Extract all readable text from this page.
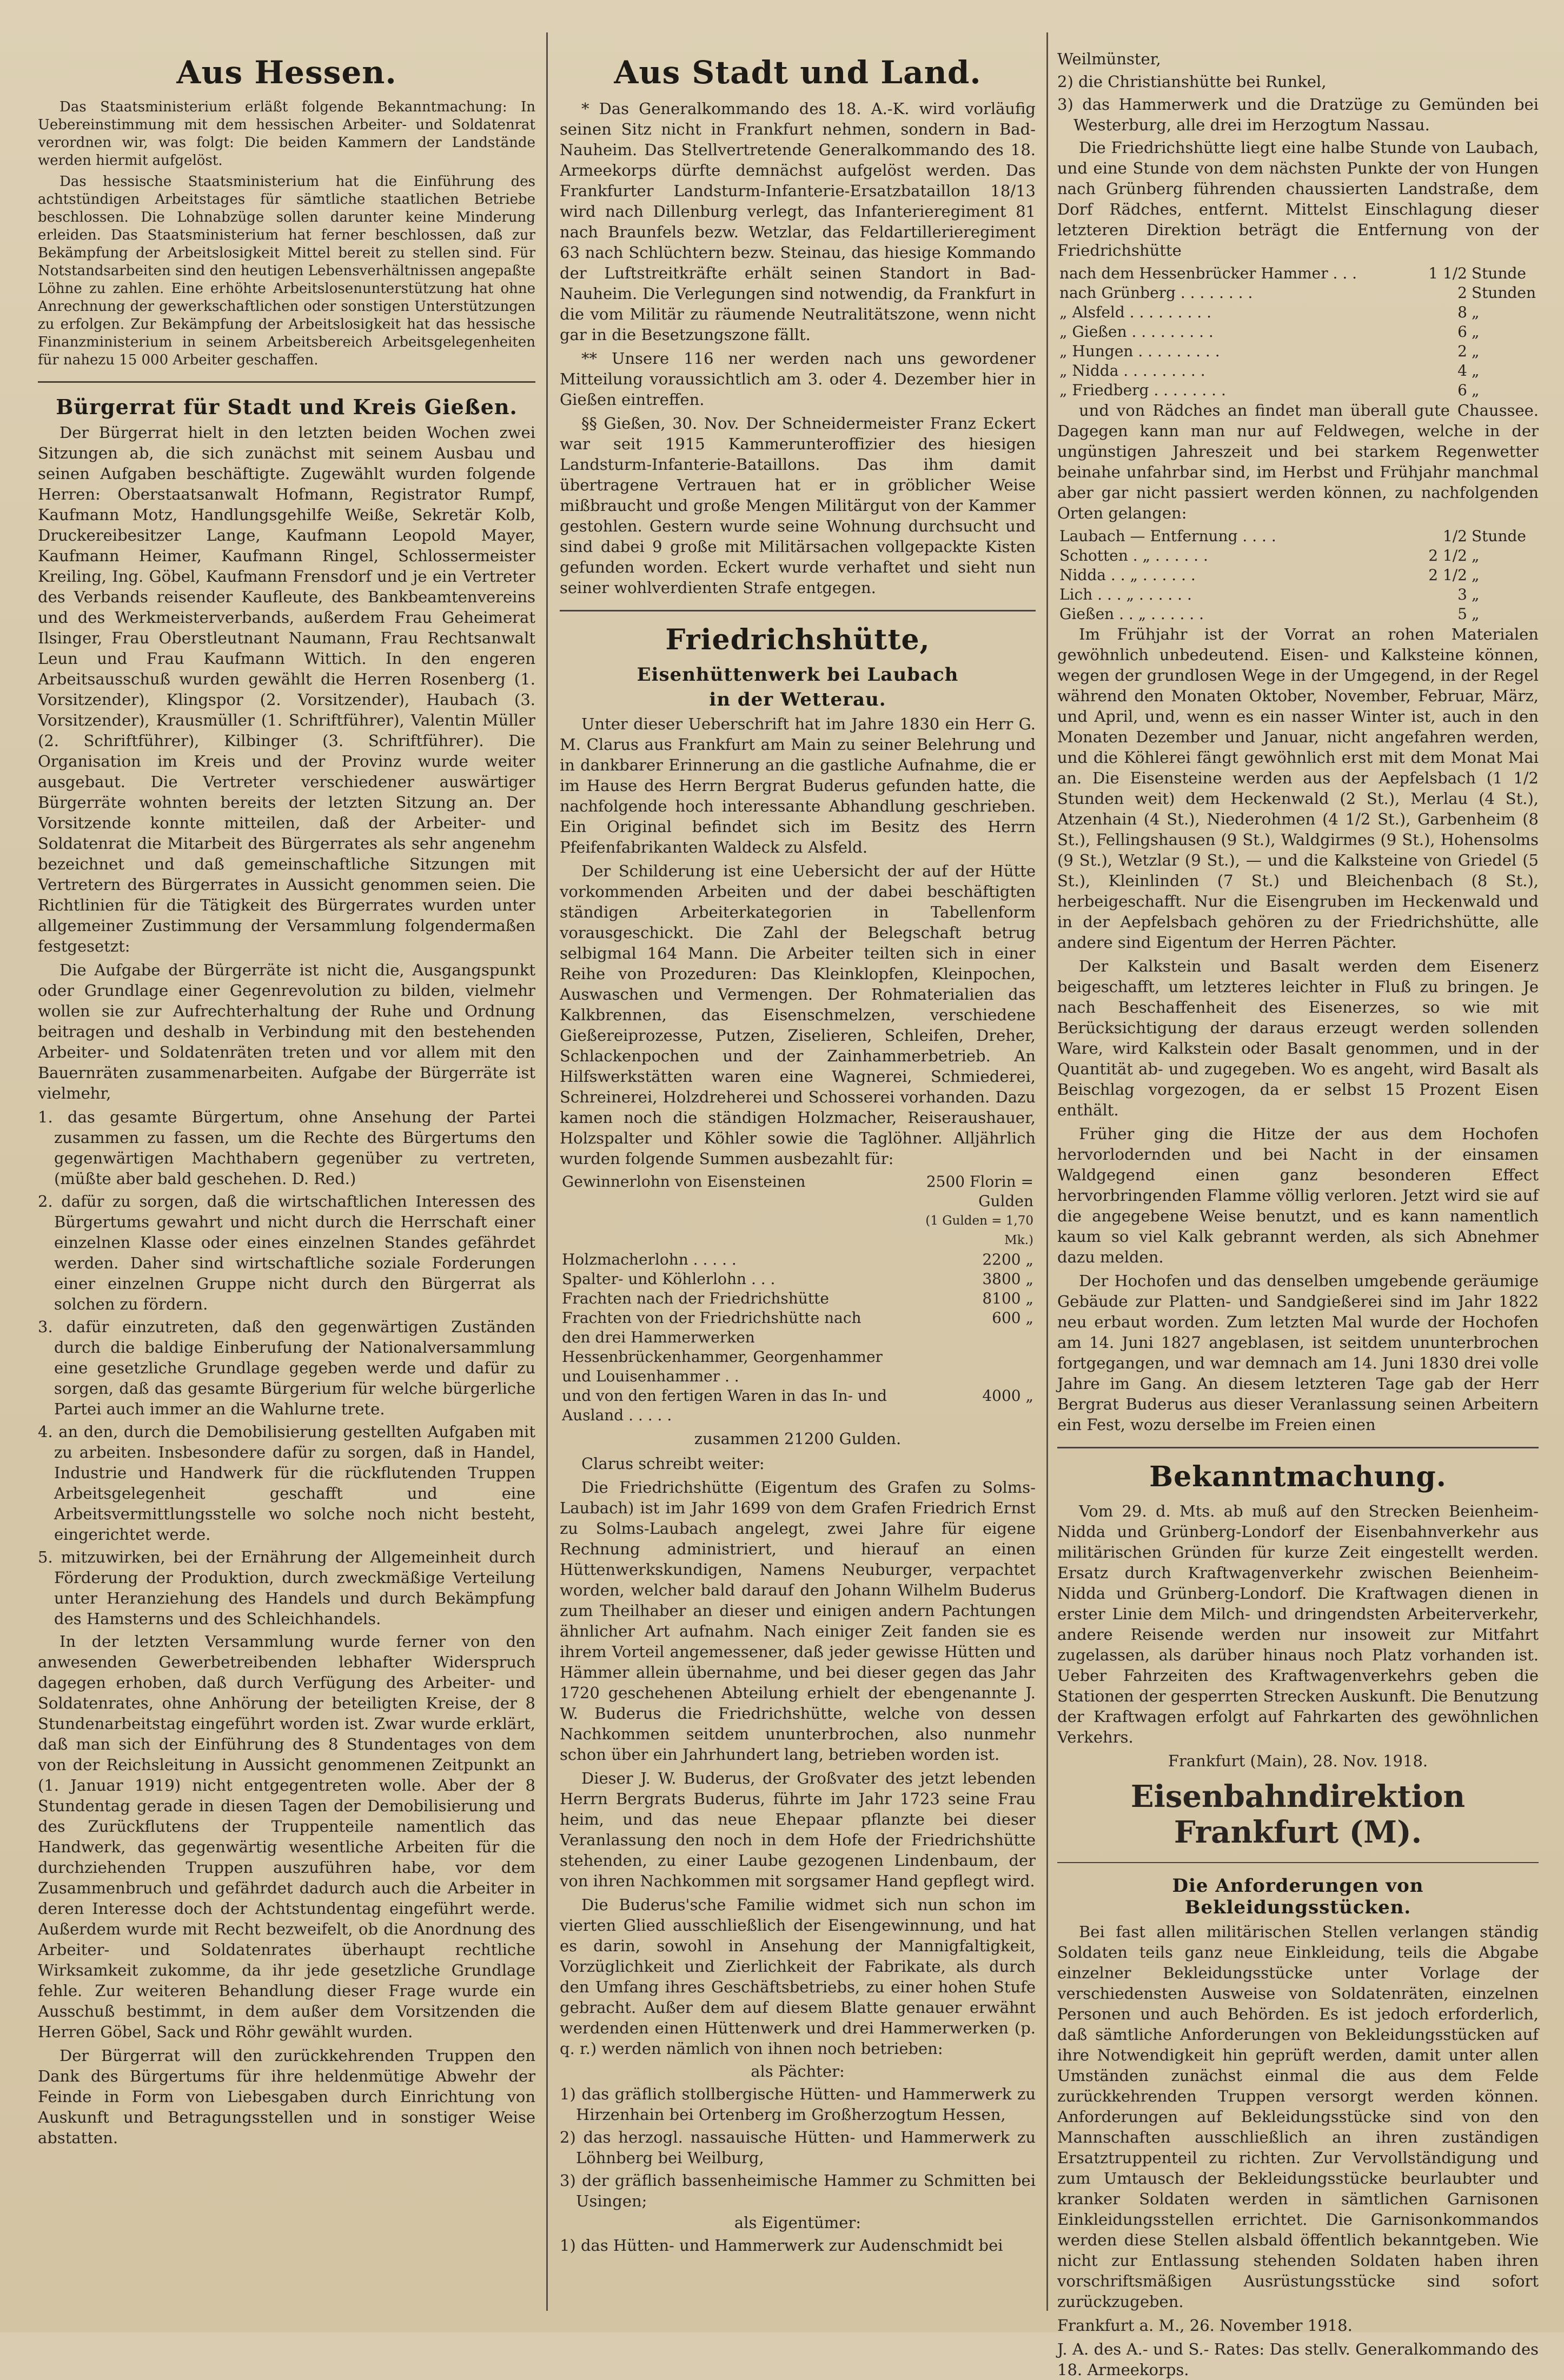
Aus Hessen.

Das Staatsministerium erläßt folgende Bekanntmachung: In Uebereinstimmung mit dem hessischen Arbeiter- und Soldatenrat verordnen wir, was folgt: Die beiden Kammern der Landstände werden hiermit aufgelöst.

Das hessische Staatsministerium hat die Einführung des achtstündigen Arbeitstages für sämtliche staatlichen Betriebe beschlossen. Die Lohnabzüge sollen darunter keine Minderung erleiden. Das Staatsministerium hat ferner beschlossen, daß zur Bekämpfung der Arbeitslosigkeit Mittel bereit zu stellen sind. Für Notstandsarbeiten sind den heutigen Lebensverhältnissen angepaßte Löhne zu zahlen. Eine erhöhte Arbeitslosenunterstützung hat ohne Anrechnung der gewerkschaftlichen oder sonstigen Unterstützungen zu erfolgen. Zur Bekämpfung der Arbeitslosigkeit hat das hessische Finanzministerium in seinem Arbeitsbereich Arbeitsgelegenheiten für nahezu 15 000 Arbeiter geschaffen.

Bürgerrat für Stadt und Kreis Gießen.

Der Bürgerrat hielt in den letzten beiden Wochen zwei Sitzungen ab, die sich zunächst mit seinem Ausbau und seinen Aufgaben beschäftigte. Zugewählt wurden folgende Herren: Oberstaatsanwalt Hofmann, Registrator Rumpf, Kaufmann Motz, Handlungsgehilfe Weiße, Sekretär Kolb, Druckereibesitzer Lange, Kaufmann Leopold Mayer, Kaufmann Heimer, Kaufmann Ringel, Schlossermeister Kreiling, Ing. Göbel, Kaufmann Frensdorf und je ein Vertreter des Verbands reisender Kaufleute, des Bankbeamtenvereins und des Werkmeisterverbands, außerdem Frau Geheimerat Ilsinger, Frau Oberstleutnant Naumann, Frau Rechtsanwalt Leun und Frau Kaufmann Wittich. In den engeren Arbeitsausschuß wurden gewählt die Herren Rosenberg (1. Vorsitzender), Klingspor (2. Vorsitzender), Haubach (3. Vorsitzender), Krausmüller (1. Schriftführer), Valentin Müller (2. Schriftführer), Kilbinger (3. Schriftführer). Die Organisation im Kreis und der Provinz wurde weiter ausgebaut. Die Vertreter verschiedener auswärtiger Bürgerräte wohnten bereits der letzten Sitzung an. Der Vorsitzende konnte mitteilen, daß der Arbeiter- und Soldatenrat die Mitarbeit des Bürgerrates als sehr angenehm bezeichnet und daß gemeinschaftliche Sitzungen mit Vertretern des Bürgerrates in Aussicht genommen seien. Die Richtlinien für die Tätigkeit des Bürgerrates wurden unter allgemeiner Zustimmung der Versammlung folgendermaßen festgesetzt:

Die Aufgabe der Bürgerräte ist nicht die, Ausgangspunkt oder Grundlage einer Gegenrevolution zu bilden, vielmehr wollen sie zur Aufrechterhaltung der Ruhe und Ordnung beitragen und deshalb in Verbindung mit den bestehenden Arbeiter- und Soldatenräten treten und vor allem mit den Bauernräten zusammenarbeiten. Aufgabe der Bürgerräte ist vielmehr,

1. das gesamte Bürgertum, ohne Ansehung der Partei zusammen zu fassen, um die Rechte des Bürgertums den gegenwärtigen Machthabern gegenüber zu vertreten, (müßte aber bald geschehen. D. Red.)
2. dafür zu sorgen, daß die wirtschaftlichen Interessen des Bürgertums gewahrt und nicht durch die Herrschaft einer einzelnen Klasse oder eines einzelnen Standes gefährdet werden. Daher sind wirtschaftliche soziale Forderungen einer einzelnen Gruppe nicht durch den Bürgerrat als solchen zu fördern.
3. dafür einzutreten, daß den gegenwärtigen Zuständen durch die baldige Einberufung der Nationalversammlung eine gesetzliche Grundlage gegeben werde und dafür zu sorgen, daß das gesamte Bürgerium für welche bürgerliche Partei auch immer an die Wahlurne trete.
4. an den, durch die Demobilisierung gestellten Aufgaben mit zu arbeiten. Insbesondere dafür zu sorgen, daß in Handel, Industrie und Handwerk für die rückflutenden Truppen Arbeitsgelegenheit geschafft und eine Arbeitsvermittlungsstelle wo solche noch nicht besteht, eingerichtet werde.
5. mitzuwirken, bei der Ernährung der Allgemeinheit durch Förderung der Produktion, durch zweckmäßige Verteilung unter Heranziehung des Handels und durch Bekämpfung des Hamsterns und des Schleichhandels.

In der letzten Versammlung wurde ferner von den anwesenden Gewerbetreibenden lebhafter Widerspruch dagegen erhoben, daß durch Verfügung des Arbeiter- und Soldatenrates, ohne Anhörung der beteiligten Kreise, der 8 Stundenarbeitstag eingeführt worden ist. Zwar wurde erklärt, daß man sich der Einführung des 8 Stundentages von dem von der Reichsleitung in Aussicht genommenen Zeitpunkt an (1. Januar 1919) nicht entgegentreten wolle. Aber der 8 Stundentag gerade in diesen Tagen der Demobilisierung und des Zurückflutens der Truppenteile namentlich das Handwerk, das gegenwärtig wesentliche Arbeiten für die durchziehenden Truppen auszuführen habe, vor dem Zusammenbruch und gefährdet dadurch auch die Arbeiter in deren Interesse doch der Achtstundentag eingeführt werde. Außerdem wurde mit Recht bezweifelt, ob die Anordnung des Arbeiter- und Soldatenrates überhaupt rechtliche Wirksamkeit zukomme, da ihr jede gesetzliche Grundlage fehle. Zur weiteren Behandlung dieser Frage wurde ein Ausschuß bestimmt, in dem außer dem Vorsitzenden die Herren Göbel, Sack und Röhr gewählt wurden.

Der Bürgerrat will den zurückkehrenden Truppen den Dank des Bürgertums für ihre heldenmütige Abwehr der Feinde in Form von Liebesgaben durch Einrichtung von Auskunft und Betragungsstellen und in sonstiger Weise abstatten.

Aus Stadt und Land.

* Das Generalkommando des 18. A.-K. wird vorläufig seinen Sitz nicht in Frankfurt nehmen, sondern in Bad-Nauheim. Das Stellvertretende Generalkommando des 18. Armeekorps dürfte demnächst aufgelöst werden. Das Frankfurter Landsturm-Infanterie-Ersatzbataillon 18/13 wird nach Dillenburg verlegt, das Infanterieregiment 81 nach Braunfels bezw. Wetzlar, das Feldartillerieregiment 63 nach Schlüchtern bezw. Steinau, das hiesige Kommando der Luftstreitkräfte erhält seinen Standort in Bad-Nauheim. Die Verlegungen sind notwendig, da Frankfurt in die vom Militär zu räumende Neutralitätszone, wenn nicht gar in die Besetzungszone fällt.

** Unsere 116 ner werden nach uns gewordener Mitteilung voraussichtlich am 3. oder 4. Dezember hier in Gießen eintreffen.

§§ Gießen, 30. Nov. Der Schneidermeister Franz Eckert war seit 1915 Kammerunteroffizier des hiesigen Landsturm-Infanterie-Bataillons. Das ihm damit übertragene Vertrauen hat er in gröblicher Weise mißbraucht und große Mengen Militärgut von der Kammer gestohlen. Gestern wurde seine Wohnung durchsucht und sind dabei 9 große mit Militärsachen vollgepackte Kisten gefunden worden. Eckert wurde verhaftet und sieht nun seiner wohlverdienten Strafe entgegen.

Friedrichshütte,
Eisenhüttenwerk bei Laubach
in der Wetterau.

Unter dieser Ueberschrift hat im Jahre 1830 ein Herr G. M. Clarus aus Frankfurt am Main zu seiner Belehrung und in dankbarer Erinnerung an die gastliche Aufnahme, die er im Hause des Herrn Bergrat Buderus gefunden hatte, die nachfolgende hoch interessante Abhandlung geschrieben. Ein Original befindet sich im Besitz des Herrn Pfeifenfabrikanten Waldeck zu Alsfeld.

Der Schilderung ist eine Uebersicht der auf der Hütte vorkommenden Arbeiten und der dabei beschäftigten ständigen Arbeiterkategorien in Tabellenform vorausgeschickt. Die Zahl der Belegschaft betrug selbigmal 164 Mann. Die Arbeiter teilten sich in einer Reihe von Prozeduren: Das Kleinklopfen, Kleinpochen, Auswaschen und Vermengen. Der Rohmaterialien das Kalkbrennen, das Eisenschmelzen, verschiedene Gießereiprozesse, Putzen, Ziselieren, Schleifen, Dreher, Schlackenpochen und der Zainhammerbetrieb. An Hilfswerkstätten waren eine Wagnerei, Schmiederei, Schreinerei, Holzdreherei und Schosserei vorhanden. Dazu kamen noch die ständigen Holzmacher, Reiseraushauer, Holzspalter und Köhler sowie die Taglöhner. Alljährlich wurden folgende Summen ausbezahlt für:

Gewinnerlohn von Eisensteinen	2500 Florin = Gulden
	(1 Gulden = 1,70 Mk.)
Holzmacherlohn . . . . .	2200 „
Spalter- und Köhlerlohn . . .	3800 „
Frachten nach der Friedrichshütte	8100 „
Frachten von der Friedrichshütte nach den drei Hammerwerken Hessenbrückenhammer, Georgenhammer und Louisenhammer . .	600 „
und von den fertigen Waren in das In- und Ausland . . . . .	4000 „
zusammen 21200 Gulden.

Clarus schreibt weiter:

Die Friedrichshütte (Eigentum des Grafen zu Solms-Laubach) ist im Jahr 1699 von dem Grafen Friedrich Ernst zu Solms-Laubach angelegt, zwei Jahre für eigene Rechnung administriert, und hierauf an einen Hüttenwerkskundigen, Namens Neuburger, verpachtet worden, welcher bald darauf den Johann Wilhelm Buderus zum Theilhaber an dieser und einigen andern Pachtungen ähnlicher Art aufnahm. Nach einiger Zeit fanden sie es ihrem Vorteil angemessener, daß jeder gewisse Hütten und Hämmer allein übernahme, und bei dieser gegen das Jahr 1720 geschehenen Abteilung erhielt der ebengenannte J. W. Buderus die Friedrichshütte, welche von dessen Nachkommen seitdem ununterbrochen, also nunmehr schon über ein Jahrhundert lang, betrieben worden ist.

Dieser J. W. Buderus, der Großvater des jetzt lebenden Herrn Bergrats Buderus, führte im Jahr 1723 seine Frau heim, und das neue Ehepaar pflanzte bei dieser Veranlassung den noch in dem Hofe der Friedrichshütte stehenden, zu einer Laube gezogenen Lindenbaum, der von ihren Nachkommen mit sorgsamer Hand gepflegt wird.

Die Buderus'sche Familie widmet sich nun schon im vierten Glied ausschließlich der Eisengewinnung, und hat es darin, sowohl in Ansehung der Mannigfaltigkeit, Vorzüglichkeit und Zierlichkeit der Fabrikate, als durch den Umfang ihres Geschäftsbetriebs, zu einer hohen Stufe gebracht. Außer dem auf diesem Blatte genauer erwähnt werdenden einen Hüttenwerk und drei Hammerwerken (p. q. r.) werden nämlich von ihnen noch betrieben:

als Pächter:
1) das gräflich stollbergische Hütten- und Hammerwerk zu Hirzenhain bei Ortenberg im Großherzogtum Hessen,
2) das herzogl. nassauische Hütten- und Hammerwerk zu Löhnberg bei Weilburg,
3) der gräflich bassenheimische Hammer zu Schmitten bei Usingen;
als Eigentümer:
1) das Hütten- und Hammerwerk zur Audenschmidt bei
Weilmünster,
2) die Christianshütte bei Runkel,
3) das Hammerwerk und die Dratzüge zu Gemünden bei Westerburg, alle drei im Herzogtum Nassau.

Die Friedrichshütte liegt eine halbe Stunde von Laubach, und eine Stunde von dem nächsten Punkte der von Hungen nach Grünberg führenden chaussierten Landstraße, dem Dorf Rädches, entfernt. Mittelst Einschlagung dieser letzteren Direktion beträgt die Entfernung von der Friedrichshütte

nach dem Hessenbrücker Hammer . . .	1 1/2	Stunde
nach Grünberg . . . . . . . .	2	Stunden
„ Alsfeld . . . . . . . . .	8	„
„ Gießen . . . . . . . . .	6	„
„ Hungen . . . . . . . . .	2	„
„ Nidda . . . . . . . . .	4	„
„ Friedberg . . . . . . . .	6	„

und von Rädches an findet man überall gute Chaussee. Dagegen kann man nur auf Feldwegen, welche in der ungünstigen Jahreszeit und bei starkem Regenwetter beinahe unfahrbar sind, im Herbst und Frühjahr manchmal aber gar nicht passiert werden können, zu nachfolgenden Orten gelangen:

Laubach — Entfernung . . . .	1/2	Stunde
Schotten . „ . . . . . .	2 1/2	„
Nidda . . „ . . . . . .	2 1/2	„
Lich . . . „ . . . . . .	3	„
Gießen . . „ . . . . . .	5	„

Im Frühjahr ist der Vorrat an rohen Materialen gewöhnlich unbedeutend. Eisen- und Kalksteine können, wegen der grundlosen Wege in der Umgegend, in der Regel während den Monaten Oktober, November, Februar, März, und April, und, wenn es ein nasser Winter ist, auch in den Monaten Dezember und Januar, nicht angefahren werden, und die Köhlerei fängt gewöhnlich erst mit dem Monat Mai an. Die Eisensteine werden aus der Aepfelsbach (1 1/2 Stunden weit) dem Heckenwald (2 St.), Merlau (4 St.), Atzenhain (4 St.), Niederohmen (4 1/2 St.), Garbenheim (8 St.), Fellingshausen (9 St.), Waldgirmes (9 St.), Hohensolms (9 St.), Wetzlar (9 St.), — und die Kalksteine von Griedel (5 St.), Kleinlinden (7 St.) und Bleichenbach (8 St.), herbeigeschafft. Nur die Eisengruben im Heckenwald und in der Aepfelsbach gehören zu der Friedrichshütte, alle andere sind Eigentum der Herren Pächter.

Der Kalkstein und Basalt werden dem Eisenerz beigeschafft, um letzteres leichter in Fluß zu bringen. Je nach Beschaffenheit des Eisenerzes, so wie mit Berücksichtigung der daraus erzeugt werden sollenden Ware, wird Kalkstein oder Basalt genommen, und in der Quantität ab- und zugegeben. Wo es angeht, wird Basalt als Beischlag vorgezogen, da er selbst 15 Prozent Eisen enthält.

Früher ging die Hitze der aus dem Hochofen hervorlodernden und bei Nacht in der einsamen Waldgegend einen ganz besonderen Effect hervorbringenden Flamme völlig verloren. Jetzt wird sie auf die angegebene Weise benutzt, und es kann namentlich kaum so viel Kalk gebrannt werden, als sich Abnehmer dazu melden.

Der Hochofen und das denselben umgebende geräumige Gebäude zur Platten- und Sandgießerei sind im Jahr 1822 neu erbaut worden. Zum letzten Mal wurde der Hochofen am 14. Juni 1827 angeblasen, ist seitdem ununterbrochen fortgegangen, und war demnach am 14. Juni 1830 drei volle Jahre im Gang. An diesem letzteren Tage gab der Herr Bergrat Buderus aus dieser Veranlassung seinen Arbeitern ein Fest, wozu derselbe im Freien einen

Bekanntmachung.

Vom 29. d. Mts. ab muß auf den Strecken Beienheim-Nidda und Grünberg-Londorf der Eisenbahnverkehr aus militärischen Gründen für kurze Zeit eingestellt werden. Ersatz durch Kraftwagenverkehr zwischen Beienheim-Nidda und Grünberg-Londorf. Die Kraftwagen dienen in erster Linie dem Milch- und dringendsten Arbeiterverkehr, andere Reisende werden nur insoweit zur Mitfahrt zugelassen, als darüber hinaus noch Platz vorhanden ist. Ueber Fahrzeiten des Kraftwagenverkehrs geben die Stationen der gesperrten Strecken Auskunft. Die Benutzung der Kraftwagen erfolgt auf Fahrkarten des gewöhnlichen Verkehrs.

Frankfurt (Main), 28. Nov. 1918.

Eisenbahndirektion Frankfurt (M).
Die Anforderungen von Bekleidungsstücken.

Bei fast allen militärischen Stellen verlangen ständig Soldaten teils ganz neue Einkleidung, teils die Abgabe einzelner Bekleidungsstücke unter Vorlage der verschiedensten Ausweise von Soldatenräten, einzelnen Personen und auch Behörden. Es ist jedoch erforderlich, daß sämtliche Anforderungen von Bekleidungsstücken auf ihre Notwendigkeit hin geprüft werden, damit unter allen Umständen zunächst einmal die aus dem Felde zurückkehrenden Truppen versorgt werden können. Anforderungen auf Bekleidungsstücke sind von den Mannschaften ausschließlich an ihren zuständigen Ersatztruppenteil zu richten. Zur Vervollständigung und zum Umtausch der Bekleidungsstücke beurlaubter und kranker Soldaten werden in sämtlichen Garnisonen Einkleidungsstellen errichtet. Die Garnisonkommandos werden diese Stellen alsbald öffentlich bekanntgeben. Wie nicht zur Entlassung stehenden Soldaten haben ihren vorschriftsmäßigen Ausrüstungsstücke sind sofort zurückzugeben.

Frankfurt a. M., 26. November 1918.

J. A. des A.- und S.- Rates: Das stellv. Generalkommando des 18. Armeekorps.
